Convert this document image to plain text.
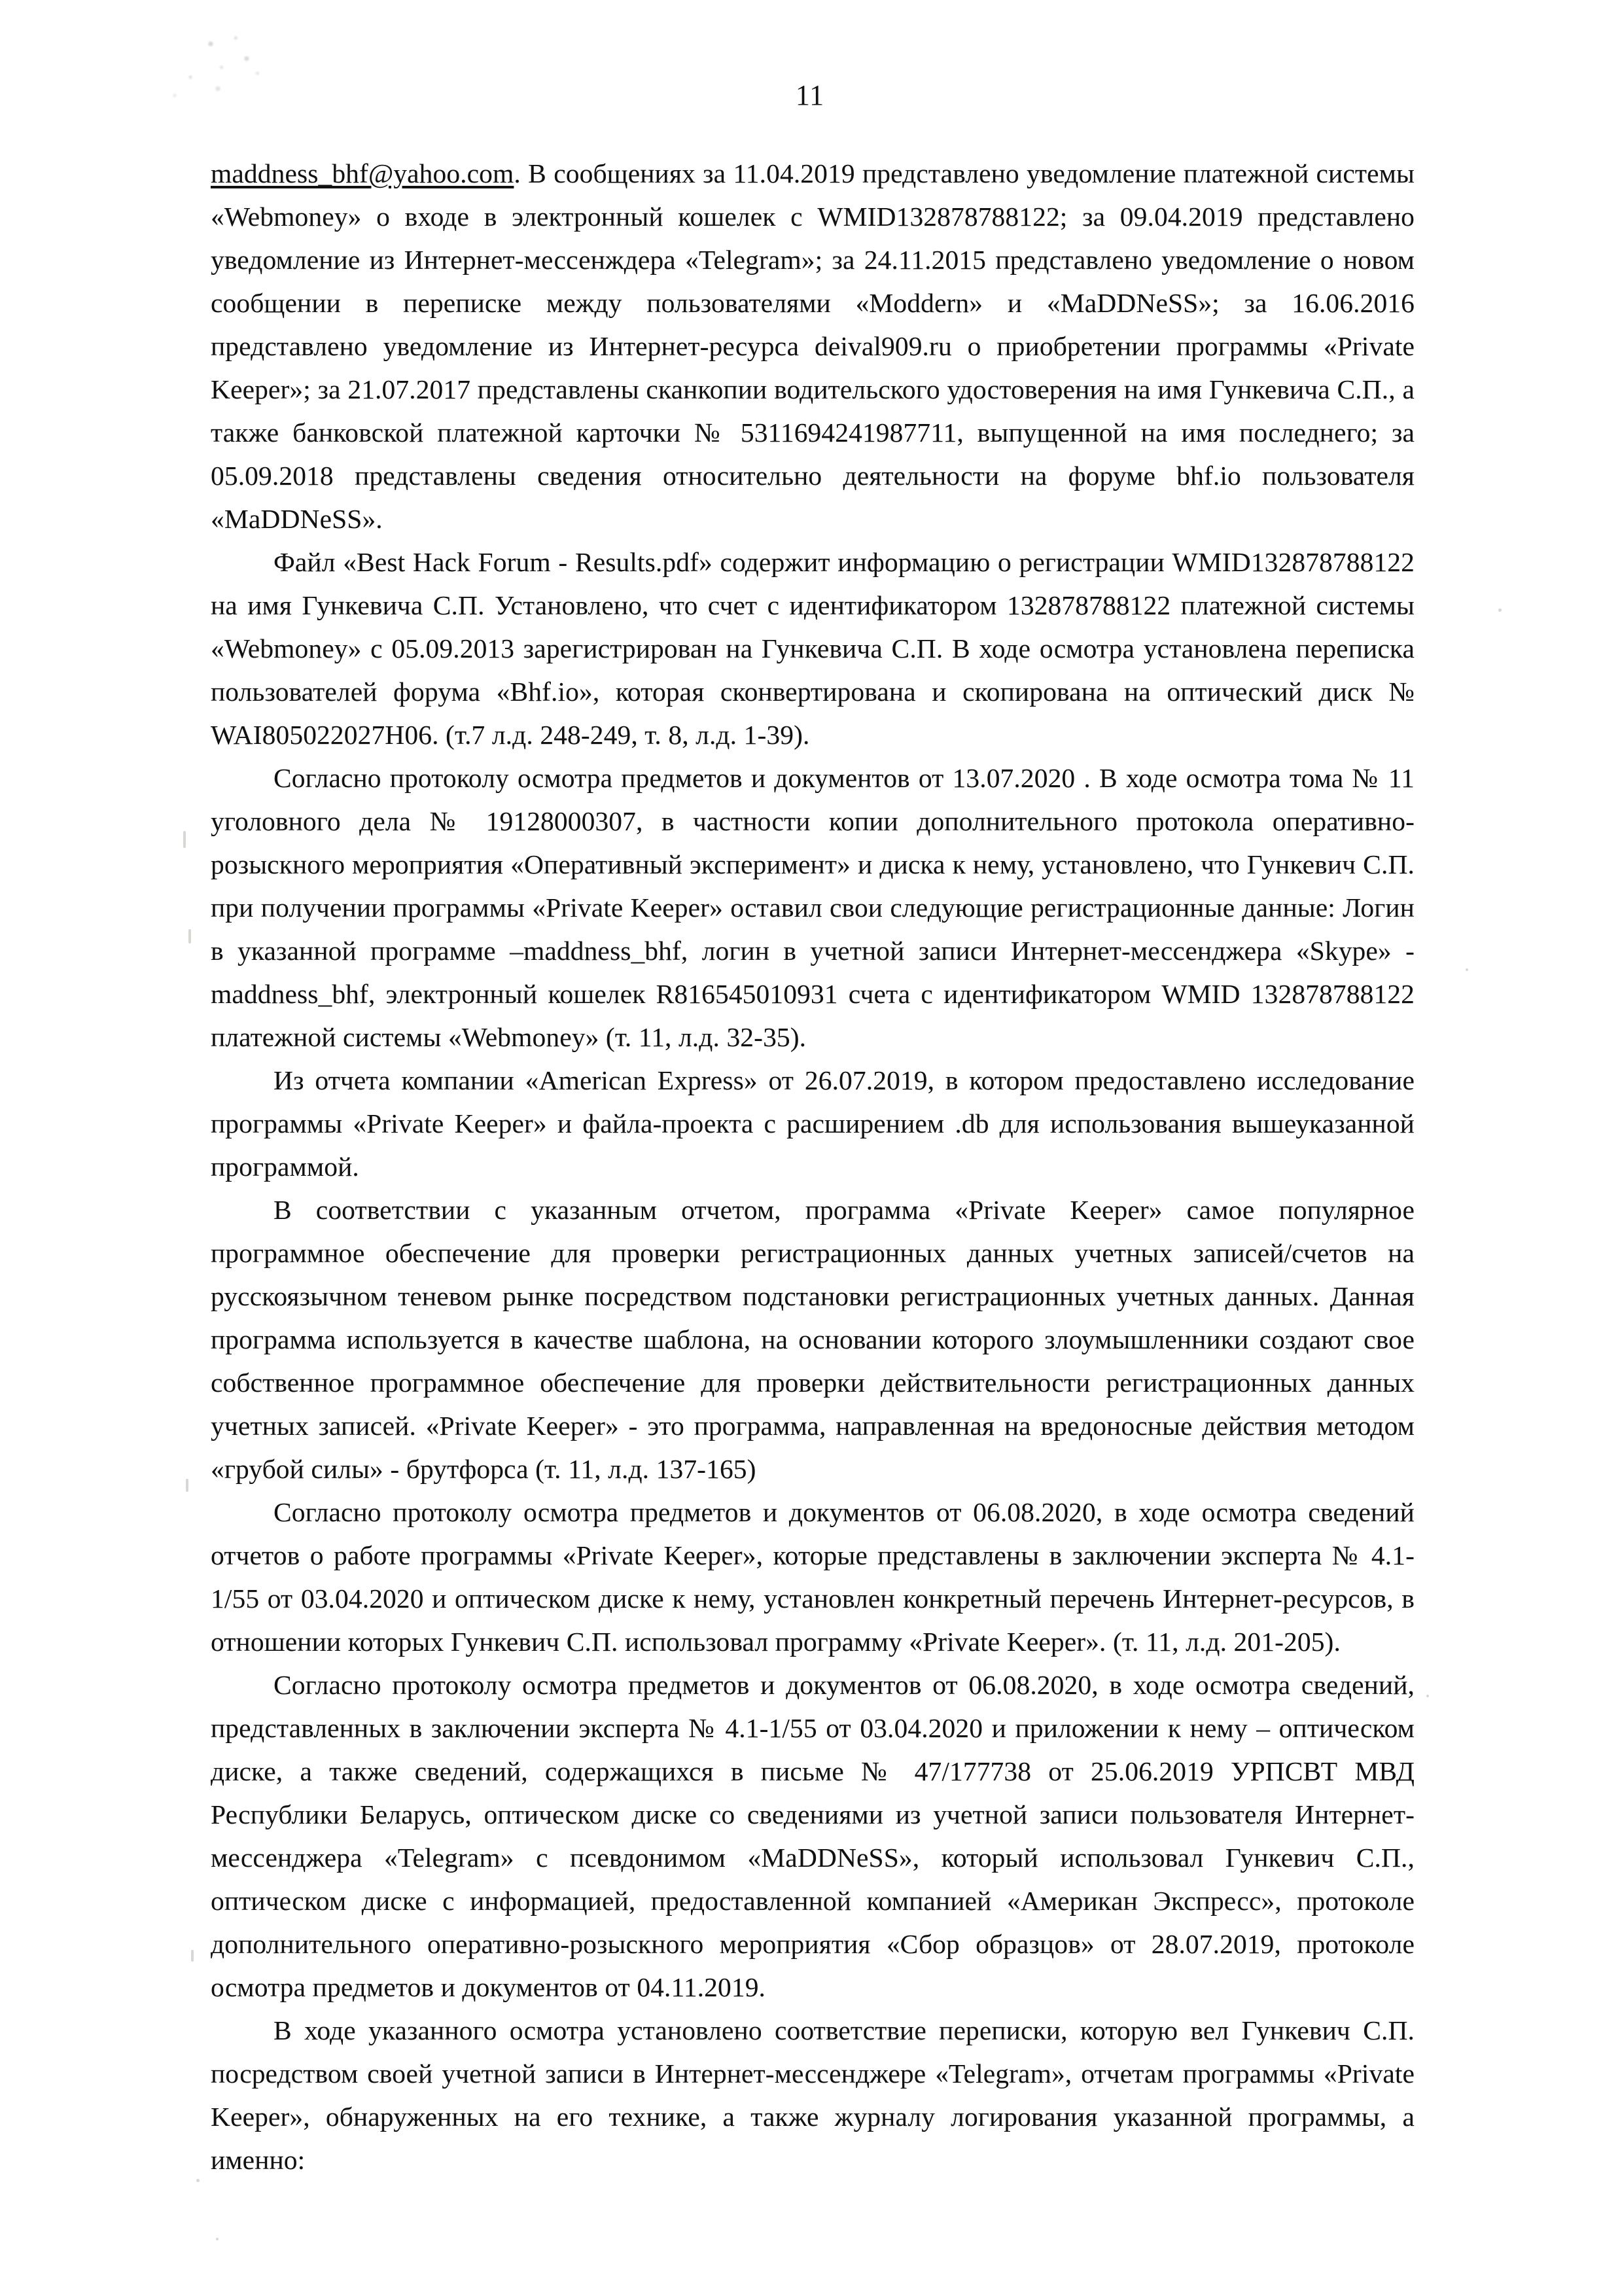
11

maddness_bhf@yahoo.com. В сообщениях за 11.04.2019 представлено уведомление платежной системы «Webmoney» о входе в электронный кошелек с WMID132878788122; за 09.04.2019 представлено уведомление из Интернет-мессенждера «Telegram»; за 24.11.2015 представлено уведомление о новом сообщении в переписке между пользователями «Moddern» и «MaDDNeSS»; за 16.06.2016 представлено уведомление из Интернет-ресурса deival909.ru о приобретении программы «Private Keeper»; за 21.07.2017 представлены сканкопии водительского удостоверения на имя Гункевича С.П., а также банковской платежной карточки № 5311694241987711, выпущенной на имя последнего; за 05.09.2018 представлены сведения относительно деятельности на форуме bhf.io пользователя «MaDDNeSS».

Файл «Best Hack Forum - Results.pdf» содержит информацию о регистрации WMID132878788122 на имя Гункевича С.П. Установлено, что счет с идентификатором 132878788122 платежной системы «Webmoney» с 05.09.2013 зарегистрирован на Гункевича С.П. В ходе осмотра установлена переписка пользователей форума «Bhf.io», которая сконвертирована и скопирована на оптический диск № WAI805022027H06. (т.7 л.д. 248-249, т. 8, л.д. 1-39).

Согласно протоколу осмотра предметов и документов от 13.07.2020 . В ходе осмотра тома № 11 уголовного дела № 19128000307, в частности копии дополнительного протокола оперативно-розыскного мероприятия «Оперативный эксперимент» и диска к нему, установлено, что Гункевич С.П. при получении программы «Private Keeper» оставил свои следующие регистрационные данные: Логин в указанной программе –maddness_bhf, логин в учетной записи Интернет-мессенджера «Skype» - maddness_bhf, электронный кошелек R816545010931 счета с идентификатором WMID 132878788122 платежной системы «Webmoney» (т. 11, л.д. 32-35).

Из отчета компании «American Express» от 26.07.2019, в котором предоставлено исследование программы «Private Keeper» и файла-проекта с расширением .db для использования вышеуказанной программой.

В соответствии с указанным отчетом, программа «Private Keeper» самое популярное программное обеспечение для проверки регистрационных данных учетных записей/счетов на русскоязычном теневом рынке посредством подстановки регистрационных учетных данных. Данная программа используется в качестве шаблона, на основании которого злоумышленники создают свое собственное программное обеспечение для проверки действительности регистрационных данных учетных записей. «Private Keeper» - это программа, направленная на вредоносные действия методом «грубой силы» - брутфорса (т. 11, л.д. 137-165)

Согласно протоколу осмотра предметов и документов от 06.08.2020, в ходе осмотра сведений отчетов о работе программы «Private Keeper», которые представлены в заключении эксперта № 4.1-1/55 от 03.04.2020 и оптическом диске к нему, установлен конкретный перечень Интернет-ресурсов, в отношении которых Гункевич С.П. использовал программу «Private Keeper». (т. 11, л.д. 201-205).

Согласно протоколу осмотра предметов и документов от 06.08.2020, в ходе осмотра сведений, представленных в заключении эксперта № 4.1-1/55 от 03.04.2020 и приложении к нему – оптическом диске, а также сведений, содержащихся в письме № 47/177738 от 25.06.2019 УРПСВТ МВД Республики Беларусь, оптическом диске со сведениями из учетной записи пользователя Интернет-мессенджера «Telegram» с псевдонимом «MaDDNeSS», который использовал Гункевич С.П., оптическом диске с информацией, предоставленной компанией «Америкaн Экспресс», протоколе дополнительного оперативно-розыскного мероприятия «Сбор образцов» от 28.07.2019, протоколе осмотра предметов и документов от 04.11.2019.

В ходе указанного осмотра установлено соответствие переписки, которую вел Гункевич С.П. посредством своей учетной записи в Интернет-мессенджере «Telegram», отчетам программы «Private Keeper», обнаруженных на его технике, а также журналу логирования указанной программы, а именно:
